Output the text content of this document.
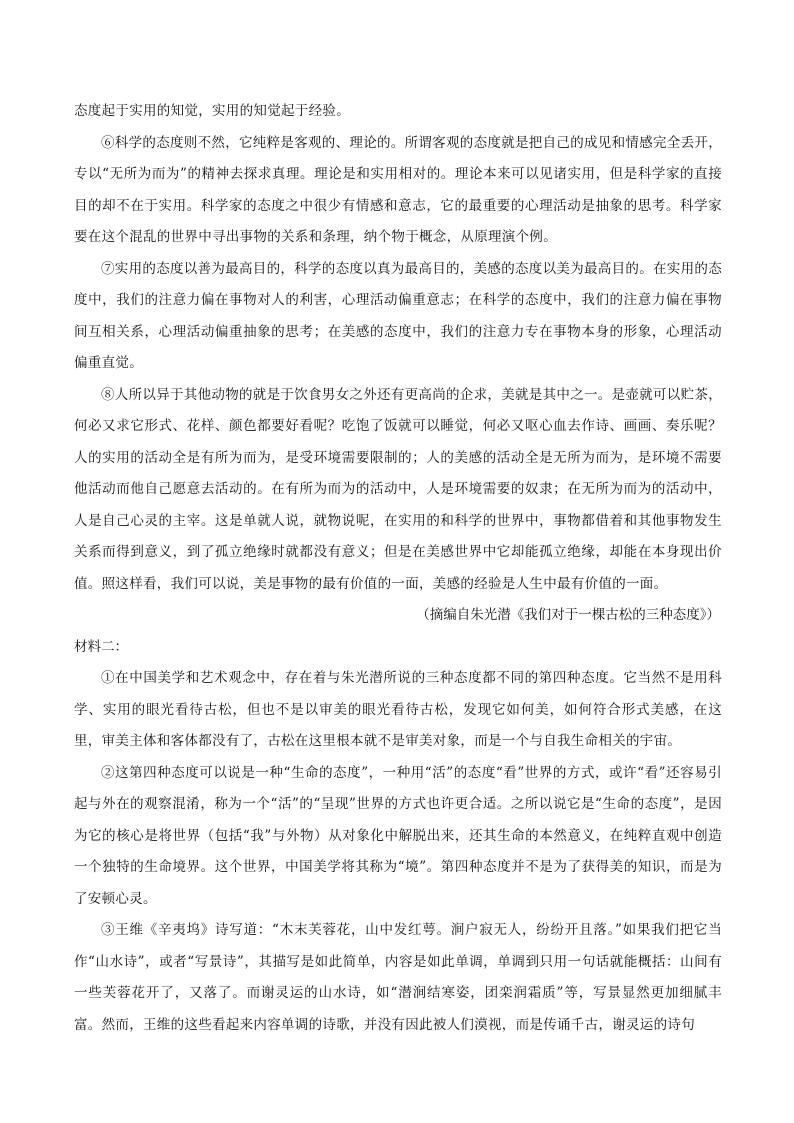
态度起于实用的知觉，实用的知觉起于经验。

⑥科学的态度则不然，它纯粹是客观的、理论的。所谓客观的态度就是把自己的成见和情感完全丢开，专以“无所为而为”的精神去探求真理。理论是和实用相对的。理论本来可以见诸实用，但是科学家的直接目的却不在于实用。科学家的态度之中很少有情感和意志，它的最重要的心理活动是抽象的思考。科学家要在这个混乱的世界中寻出事物的关系和条理，纳个物于概念，从原理演个例。

⑦实用的态度以善为最高目的，科学的态度以真为最高目的，美感的态度以美为最高目的。在实用的态度中，我们的注意力偏在事物对人的利害，心理活动偏重意志；在科学的态度中，我们的注意力偏在事物间互相关系，心理活动偏重抽象的思考；在美感的态度中，我们的注意力专在事物本身的形象，心理活动偏重直觉。

⑧人所以异于其他动物的就是于饮食男女之外还有更高尚的企求，美就是其中之一。是壶就可以贮茶，何必又求它形式、花样、颜色都要好看呢？吃饱了饭就可以睡觉，何必又呕心血去作诗、画画、奏乐呢？人的实用的活动全是有所为而为，是受环境需要限制的；人的美感的活动全是无所为而为，是环境不需要他活动而他自己愿意去活动的。在有所为而为的活动中，人是环境需要的奴隶；在无所为而为的活动中，人是自己心灵的主宰。这是单就人说，就物说呢，在实用的和科学的世界中，事物都借着和其他事物发生关系而得到意义，到了孤立绝缘时就都没有意义；但是在美感世界中它却能孤立绝缘，却能在本身现出价值。照这样看，我们可以说，美是事物的最有价值的一面，美感的经验是人生中最有价值的一面。

（摘编自朱光潜《我们对于一棵古松的三种态度》）

材料二：

①在中国美学和艺术观念中，存在着与朱光潜所说的三种态度都不同的第四种态度。它当然不是用科学、实用的眼光看待古松，但也不是以审美的眼光看待古松，发现它如何美，如何符合形式美感，在这里，审美主体和客体都没有了，古松在这里根本就不是审美对象，而是一个与自我生命相关的宇宙。

②这第四种态度可以说是一种“生命的态度”，一种用“活”的态度“看”世界的方式，或许“看”还容易引起与外在的观察混淆，称为一个“活”的“呈现”世界的方式也许更合适。之所以说它是“生命的态度”，是因为它的核心是将世界（包括“我”与外物）从对象化中解脱出来，还其生命的本然意义，在纯粹直观中创造一个独特的生命境界。这个世界，中国美学将其称为“境”。第四种态度并不是为了获得美的知识，而是为了安顿心灵。

③王维《辛夷坞》诗写道：“木末芙蓉花，山中发红萼。涧户寂无人，纷纷开且落。”如果我们把它当作“山水诗”，或者“写景诗”，其描写是如此简单，内容是如此单调，单调到只用一句话就能概括：山间有一些芙蓉花开了，又落了。而谢灵运的山水诗，如“潜涧结寒姿，团栾润霜质”等，写景显然更加细腻丰富。然而，王维的这些看起来内容单调的诗歌，并没有因此被人们漠视，而是传诵千古，谢灵运的诗句
